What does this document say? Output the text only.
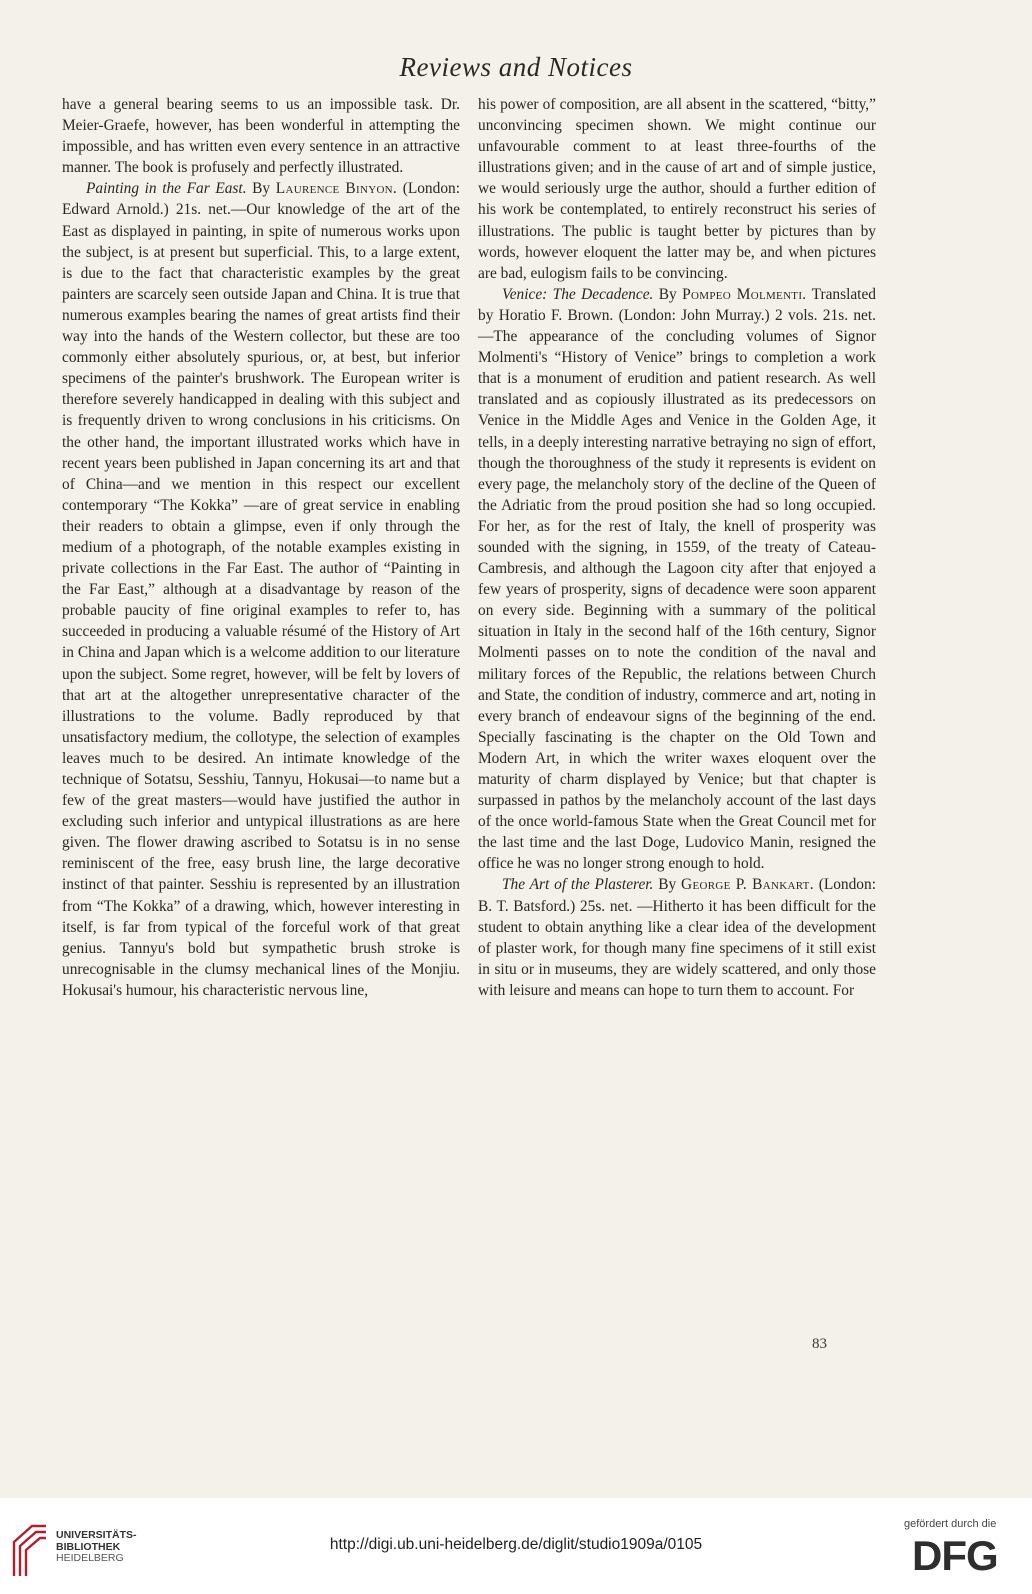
Reviews and Notices

have a general bearing seems to us an impossible task. Dr. Meier-Graefe, however, has been wonderful in attempting the impossible, and has written even every sentence in an attractive manner. The book is profusely and perfectly illustrated.

Painting in the Far East. By Laurence Binyon. (London: Edward Arnold.) 21s. net.—Our knowledge of the art of the East as displayed in painting, in spite of numerous works upon the subject, is at present but superficial. This, to a large extent, is due to the fact that characteristic examples by the great painters are scarcely seen outside Japan and China. It is true that numerous examples bearing the names of great artists find their way into the hands of the Western collector, but these are too commonly either absolutely spurious, or, at best, but inferior specimens of the painter's brushwork. The European writer is therefore severely handicapped in dealing with this subject and is frequently driven to wrong conclusions in his criticisms. On the other hand, the important illustrated works which have in recent years been published in Japan concerning its art and that of China—and we mention in this respect our excellent contemporary “The Kokka” —are of great service in enabling their readers to obtain a glimpse, even if only through the medium of a photograph, of the notable examples existing in private collections in the Far East. The author of “Painting in the Far East,” although at a disadvantage by reason of the probable paucity of fine original examples to refer to, has succeeded in producing a valuable résumé of the History of Art in China and Japan which is a welcome addition to our literature upon the subject. Some regret, however, will be felt by lovers of that art at the altogether unrepresentative character of the illustrations to the volume. Badly reproduced by that unsatisfactory medium, the collotype, the selection of examples leaves much to be desired. An intimate knowledge of the technique of Sotatsu, Sesshiu, Tannyu, Hokusai—to name but a few of the great masters—would have justified the author in excluding such inferior and untypical illustrations as are here given. The flower drawing ascribed to Sotatsu is in no sense reminiscent of the free, easy brush line, the large decorative instinct of that painter. Sesshiu is represented by an illustration from “The Kokka” of a drawing, which, however interesting in itself, is far from typical of the forceful work of that great genius. Tannyu's bold but sympathetic brush stroke is unrecognisable in the clumsy mechanical lines of the Monjiu. Hokusai's humour, his characteristic nervous line,

his power of composition, are all absent in the scattered, “bitty,” unconvincing specimen shown. We might continue our unfavourable comment to at least three-fourths of the illustrations given; and in the cause of art and of simple justice, we would seriously urge the author, should a further edition of his work be contemplated, to entirely reconstruct his series of illustrations. The public is taught better by pictures than by words, however eloquent the latter may be, and when pictures are bad, eulogism fails to be convincing.

Venice: The Decadence. By Pompeo Molmenti. Translated by Horatio F. Brown. (London: John Murray.) 2 vols. 21s. net.—The appearance of the concluding volumes of Signor Molmenti's “History of Venice” brings to completion a work that is a monument of erudition and patient research. As well translated and as copiously illustrated as its predecessors on Venice in the Middle Ages and Venice in the Golden Age, it tells, in a deeply interesting narrative betraying no sign of effort, though the thoroughness of the study it represents is evident on every page, the melancholy story of the decline of the Queen of the Adriatic from the proud position she had so long occupied. For her, as for the rest of Italy, the knell of prosperity was sounded with the signing, in 1559, of the treaty of Cateau-Cambresis, and although the Lagoon city after that enjoyed a few years of prosperity, signs of decadence were soon apparent on every side. Beginning with a summary of the political situation in Italy in the second half of the 16th century, Signor Molmenti passes on to note the condition of the naval and military forces of the Republic, the relations between Church and State, the condition of industry, commerce and art, noting in every branch of endeavour signs of the beginning of the end. Specially fascinating is the chapter on the Old Town and Modern Art, in which the writer waxes eloquent over the maturity of charm displayed by Venice; but that chapter is surpassed in pathos by the melancholy account of the last days of the once world-famous State when the Great Council met for the last time and the last Doge, Ludovico Manin, resigned the office he was no longer strong enough to hold.

The Art of the Plasterer. By George P. Bankart. (London: B. T. Batsford.) 25s. net. —Hitherto it has been difficult for the student to obtain anything like a clear idea of the development of plaster work, for though many fine specimens of it still exist in situ or in museums, they are widely scattered, and only those with leisure and means can hope to turn them to account. For

83
UNIVERSITÄTS-
BIBLIOTHEK
HEIDELBERG
http://digi.ub.uni-heidelberg.de/diglit/studio1909a/0105
gefördert durch die
DFG
